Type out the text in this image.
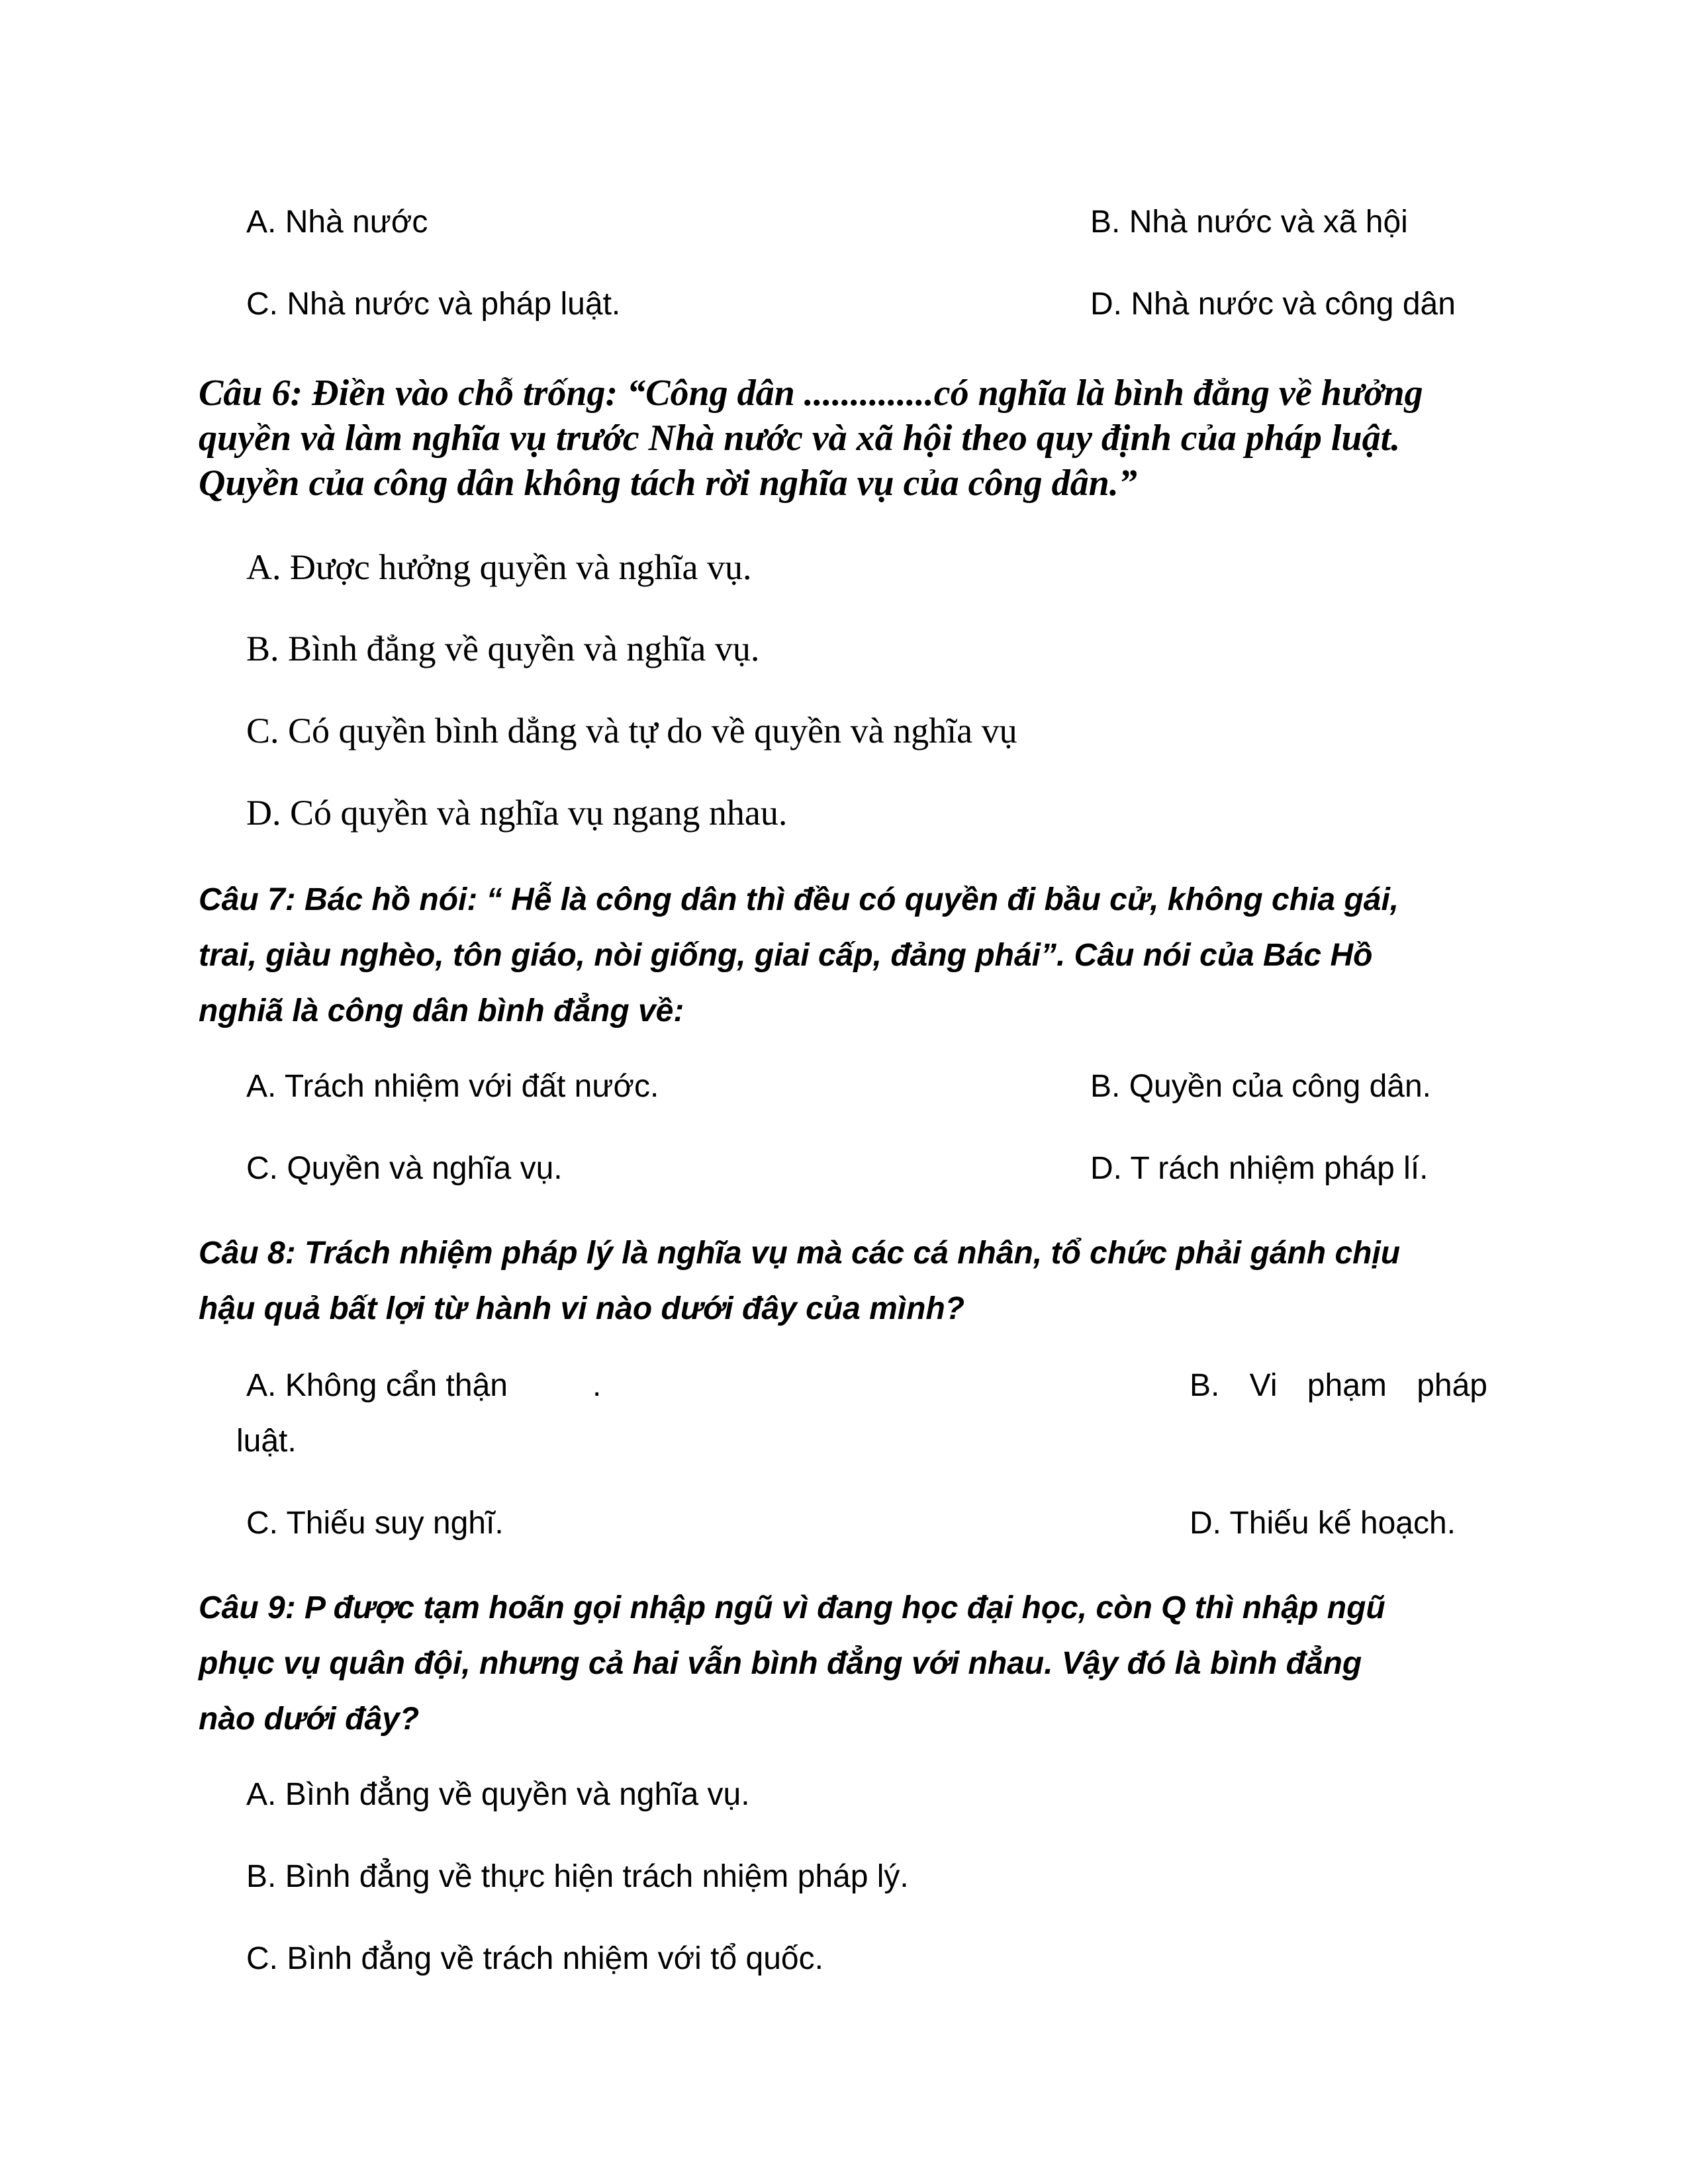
A. Nhà nước	B. Nhà nước và xã hội
C. Nhà nước và pháp luật.	D. Nhà nước và công dân
Câu 6: Điền vào chỗ trống: “Công dân ..............có nghĩa là bình đẳng về hưởng
quyền và làm nghĩa vụ trước Nhà nước và xã hội theo quy định của pháp luật.
Quyền của công dân không tách rời nghĩa vụ của công dân.”
A. Được hưởng quyền và nghĩa vụ.
B. Bình đẳng về quyền và nghĩa vụ.
C. Có quyền bình dẳng và tự do về quyền và nghĩa vụ
D. Có quyền và nghĩa vụ ngang nhau.
Câu 7: Bác hồ nói: “ Hễ là công dân thì đều có quyền đi bầu cử, không chia gái,
trai, giàu nghèo, tôn giáo, nòi giống, giai cấp, đảng phái”. Câu nói của Bác Hồ
nghiã là công dân bình đẳng về:
A. Trách nhiệm với đất nước.	B. Quyền của công dân.
C. Quyền và nghĩa vụ.	D. T rách nhiệm pháp lí.
Câu 8: Trách nhiệm pháp lý là nghĩa vụ mà các cá nhân, tổ chức phải gánh chịu
hậu quả bất lợi từ hành vi nào dưới đây của mình?
A. Không cẩn thận	.	B. Vi phạm pháp
luật.
C. Thiếu suy nghĩ.	D. Thiếu kế hoạch.
Câu 9: P được tạm hoãn gọi nhập ngũ vì đang học đại học, còn Q thì nhập ngũ
phục vụ quân đội, nhưng cả hai vẫn bình đẳng với nhau. Vậy đó là bình đẳng
nào dưới đây?
A. Bình đẳng về quyền và nghĩa vụ.
B. Bình đẳng về thực hiện trách nhiệm pháp lý.
C. Bình đẳng về trách nhiệm với tổ quốc.
